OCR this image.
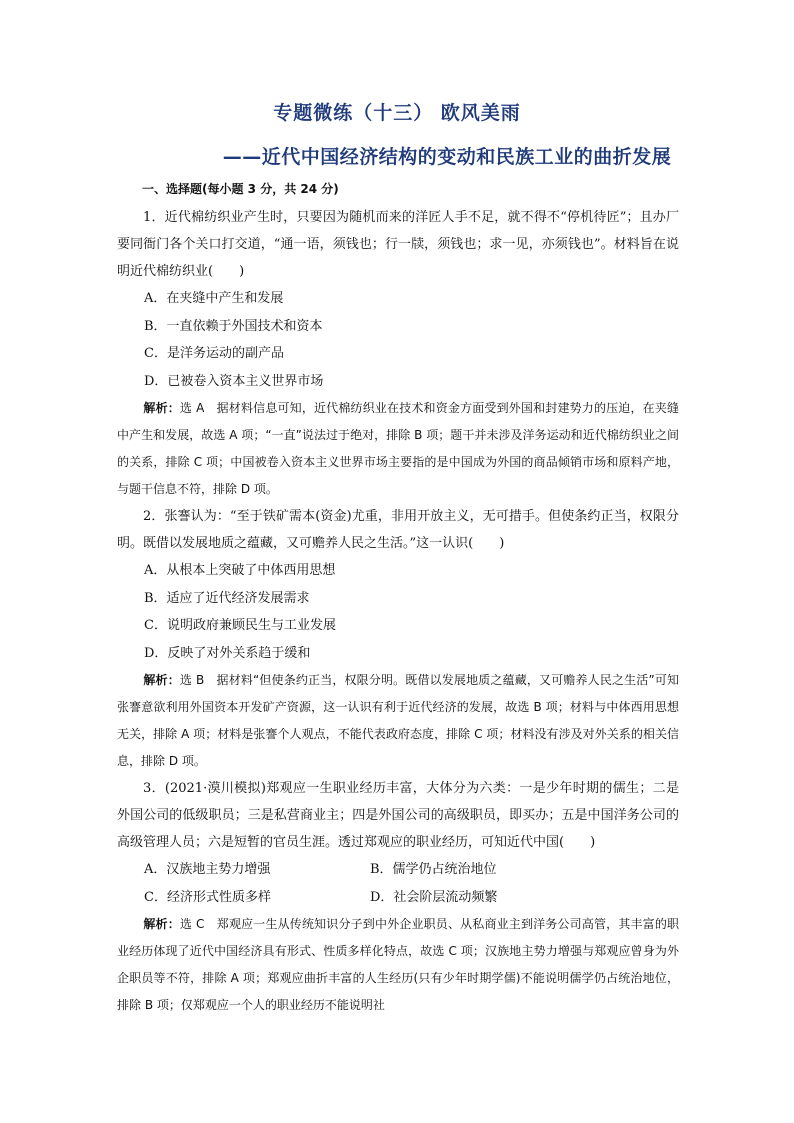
专题微练（十三） 欧风美雨
——近代中国经济结构的变动和民族工业的曲折发展
一、选择题(每小题 3 分，共 24 分)

1．近代棉纺织业产生时，只要因为随机而来的洋匠人手不足，就不得不“停机待匠”；且办厂要同衙门各个关口打交道，“通一语，须钱也；行一牍，须钱也；求一见，亦须钱也”。材料旨在说明近代棉纺织业(　　)

A．在夹缝中产生和发展

B．一直依赖于外国技术和资本

C．是洋务运动的副产品

D．已被卷入资本主义世界市场

解析：选 A　据材料信息可知，近代棉纺织业在技术和资金方面受到外国和封建势力的压迫，在夹缝中产生和发展，故选 A 项；“一直”说法过于绝对，排除 B 项；题干并未涉及洋务运动和近代棉纺织业之间的关系，排除 C 项；中国被卷入资本主义世界市场主要指的是中国成为外国的商品倾销市场和原料产地，与题干信息不符，排除 D 项。

2．张謇认为：“至于铁矿需本(资金)尤重，非用开放主义，无可措手。但使条约正当，权限分明。既借以发展地质之蕴藏，又可赡养人民之生活。”这一认识(　　)

A．从根本上突破了中体西用思想

B．适应了近代经济发展需求

C．说明政府兼顾民生与工业发展

D．反映了对外关系趋于缓和

解析：选 B　据材料“但使条约正当，权限分明。既借以发展地质之蕴藏，又可赡养人民之生活”可知张謇意欲利用外国资本开发矿产资源，这一认识有利于近代经济的发展，故选 B 项；材料与中体西用思想无关，排除 A 项；材料是张謇个人观点，不能代表政府态度，排除 C 项；材料没有涉及对外关系的相关信息，排除 D 项。

3．(2021·漠川模拟)郑观应一生职业经历丰富，大体分为六类：一是少年时期的儒生；二是外国公司的低级职员；三是私营商业主；四是外国公司的高级职员，即买办；五是中国洋务公司的高级管理人员；六是短暂的官员生涯。透过郑观应的职业经历，可知近代中国(　　)

A．汉族地主势力增强	B．儒学仍占统治地位
C．经济形式性质多样	D．社会阶层流动频繁

解析：选 C　郑观应一生从传统知识分子到中外企业职员、从私商业主到洋务公司高管，其丰富的职业经历体现了近代中国经济具有形式、性质多样化特点，故选 C 项；汉族地主势力增强与郑观应曾身为外企职员等不符，排除 A 项；郑观应曲折丰富的人生经历(只有少年时期学儒)不能说明儒学仍占统治地位，排除 B 项；仅郑观应一个人的职业经历不能说明社
